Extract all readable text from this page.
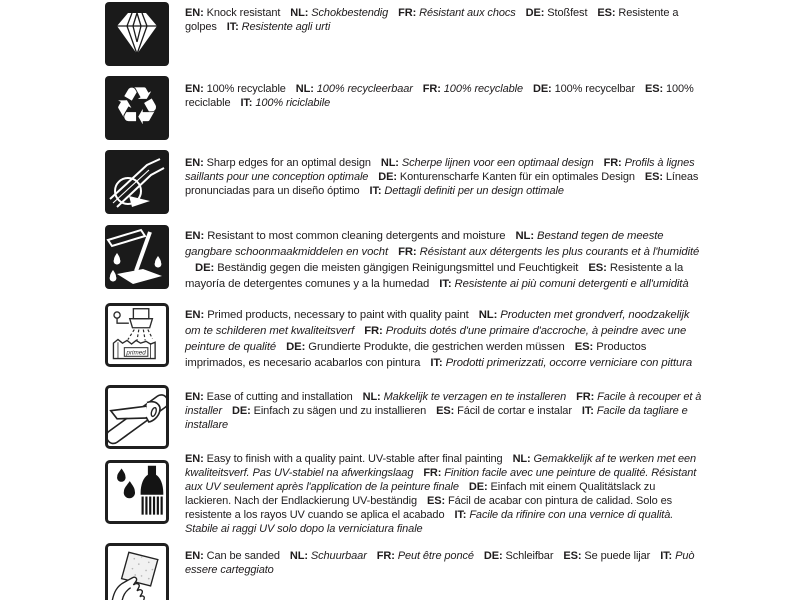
EN: Knock resistant NL: Schokbestendig FR: Résistant aux chocs DE: Stoßfest ES: Resistente a golpes IT: Resistente agli urti
♻	EN: 100% recyclable NL: 100% recycleerbaar FR: 100% recyclable DE: 100% recycelbar ES: 100% reciclable IT: 100% riciclabile
EN: Sharp edges for an optimal design NL: Scherpe lijnen voor een optimaal design FR: Profils à lignes saillants pour une conception optimale DE: Konturenscharfe Kanten für ein optimales Design ES: Líneas pronunciadas para un diseño óptimo IT: Dettagli definiti per un design ottimale
EN: Resistant to most common cleaning detergents and moisture NL: Bestand tegen de meeste gangbare schoonmaakmiddelen en vocht FR: Résistant aux détergents les plus courants et à l'humidité DE: Beständig gegen die meisten gängigen Reinigungsmittel und Feuchtigkeit ES: Resistente a la mayoría de detergentes comunes y a la humedad IT: Resistente ai più comuni detergenti e all'umidità
primed
EN: Primed products, necessary to paint with quality paint NL: Producten met grondverf, noodzakelijk om te schilderen met kwaliteitsverf FR: Produits dotés d'une primaire d'accroche, à peindre avec une peinture de qualité DE: Grundierte Produkte, die gestrichen werden müssen ES: Productos imprimados, es necesario acabarlos con pintura IT: Prodotti primerizzati, occorre verniciare con pittura
EN: Ease of cutting and installation NL: Makkelijk te verzagen en te installeren FR: Facile à recouper et à installer DE: Einfach zu sägen und zu installieren ES: Fácil de cortar e instalar IT: Facile da tagliare e installare
EN: Easy to finish with a quality paint. UV-stable after final painting NL: Gemakkelijk af te werken met een kwaliteitsverf. Pas UV-stabiel na afwerkingslaag FR: Finition facile avec une peinture de qualité. Résistant aux UV seulement après l'application de la peinture finale DE: Einfach mit einem Qualitätslack zu lackieren. Nach der Endlackierung UV-beständig ES: Fácil de acabar con pintura de calidad. Solo es resistente a los rayos UV cuando se aplica el acabado IT: Facile da rifinire con una vernice di qualità. Stabile ai raggi UV solo dopo la verniciatura finale
EN: Can be sanded NL: Schuurbaar FR: Peut être poncé DE: Schleifbar ES: Se puede lijar IT: Può essere carteggiato
